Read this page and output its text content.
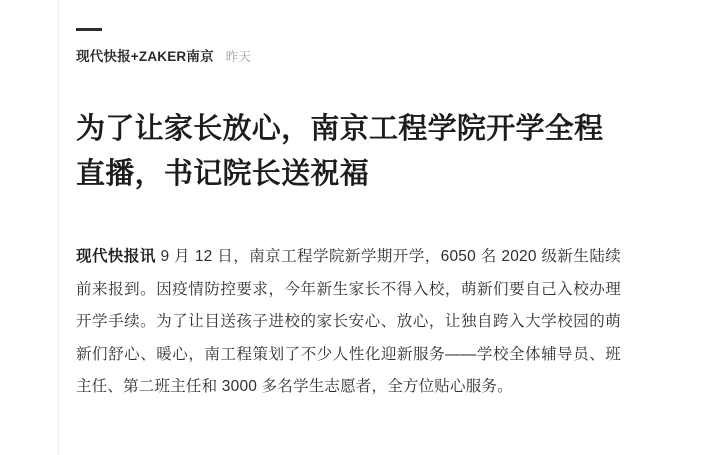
现代快报+ZAKER南京 昨天
为了让家长放心，南京工程学院开学全程直播，书记院长送祝福
现代快报讯 9 月 12 日，南京工程学院新学期开学，6050 名 2020 级新生陆续前来报到。因疫情防控要求，今年新生家长不得入校，萌新们要自己入校办理开学手续。为了让目送孩子进校的家长安心、放心，让独自跨入大学校园的萌新们舒心、暖心，南工程策划了不少人性化迎新服务——学校全体辅导员、班主任、第二班主任和 3000 多名学生志愿者，全方位贴心服务。
